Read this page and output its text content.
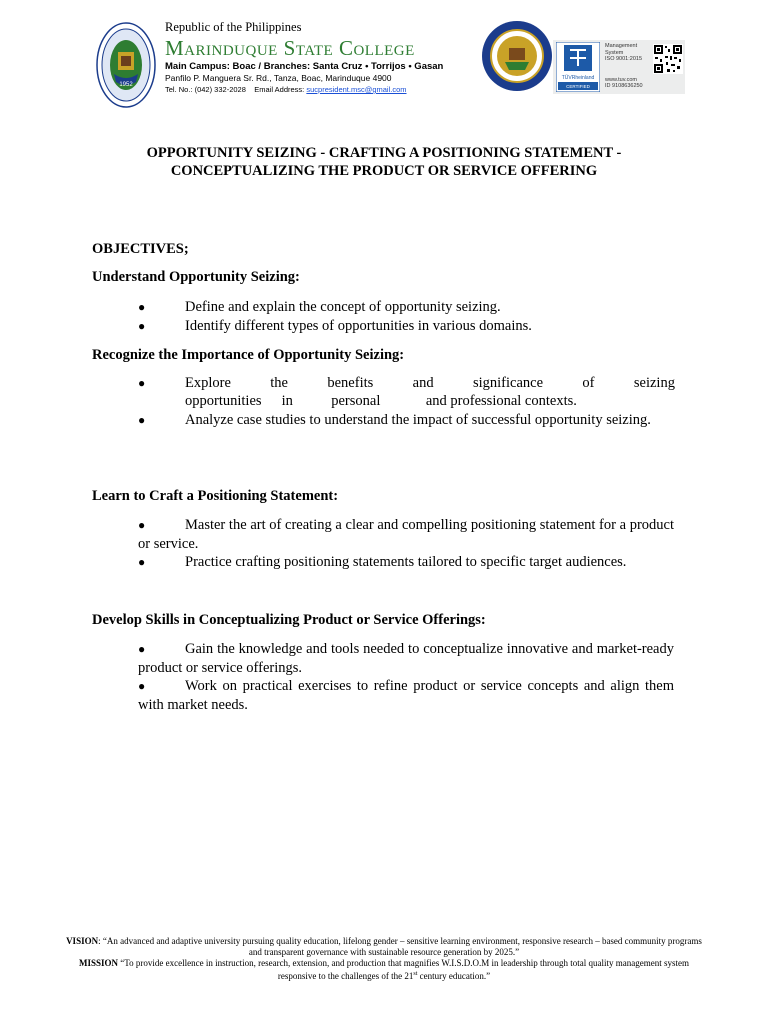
1952
Republic of the Philippines
Marinduque State College
Main Campus: Boac / Branches: Santa Cruz • Torrijos • Gasan
Panfilo P. Manguera Sr. Rd., Tanza, Boac, Marinduque 4900
Tel. No.: (042) 332-2028 Email Address: sucpresident.msc@gmail.com
TÜVRheinland
CERTIFIED
Management System
ISO 9001:2015
www.tuv.com
ID 9108636250
OPPORTUNITY SEIZING - CRAFTING A POSITIONING STATEMENT -
CONCEPTUALIZING THE PRODUCT OR SERVICE OFFERING
OBJECTIVES;
Understand Opportunity Seizing:
●	Define and explain the concept of opportunity seizing.
●	Identify different types of opportunities in various domains.
Recognize the Importance of Opportunity Seizing:
●	Explore	the	benefits	and	significance	of	seizing
opportunities in	personal	and professional contexts.
●	Analyze case studies to understand the impact of successful opportunity seizing.
Learn to Craft a Positioning Statement:
●	Master the art of creating a clear and compelling positioning statement for a product or service.
●	Practice crafting positioning statements tailored to specific target audiences.
Develop Skills in Conceptualizing Product or Service Offerings:
●	Gain the knowledge and tools needed to conceptualize innovative and market-ready product or service offerings.
●	Work on practical exercises to refine product or service concepts and align them with market needs.
VISION: “An advanced and adaptive university pursuing quality education, lifelong gender – sensitive learning environment, responsive research – based community programs and transparent governance with sustainable resource generation by 2025.”
MISSION “To provide excellence in instruction, research, extension, and production that magnifies W.I.S.D.O.M in leadership through total quality management system responsive to the challenges of the 21st century education.”
